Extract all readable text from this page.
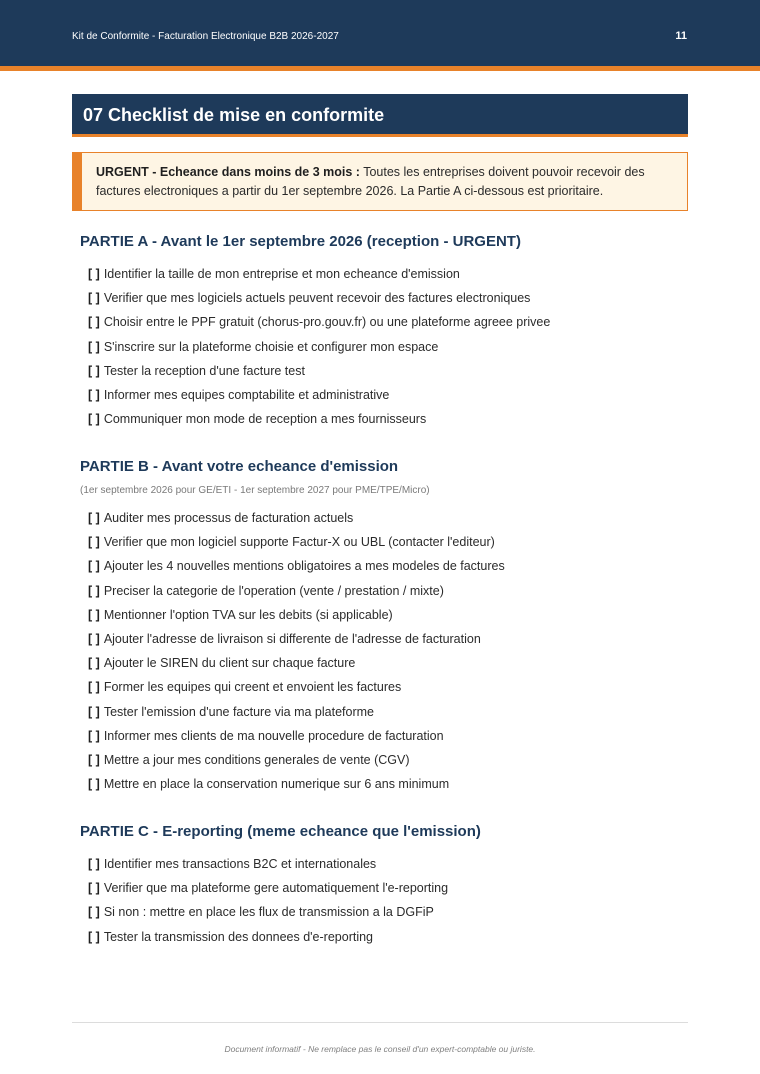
Kit de Conformite - Facturation Electronique B2B 2026-2027	11
07 Checklist de mise en conformite
URGENT - Echeance dans moins de 3 mois : Toutes les entreprises doivent pouvoir recevoir des factures electroniques a partir du 1er septembre 2026. La Partie A ci-dessous est prioritaire.
PARTIE A - Avant le 1er septembre 2026 (reception - URGENT)
[ ] Identifier la taille de mon entreprise et mon echeance d'emission
[ ] Verifier que mes logiciels actuels peuvent recevoir des factures electroniques
[ ] Choisir entre le PPF gratuit (chorus-pro.gouv.fr) ou une plateforme agreee privee
[ ] S'inscrire sur la plateforme choisie et configurer mon espace
[ ] Tester la reception d'une facture test
[ ] Informer mes equipes comptabilite et administrative
[ ] Communiquer mon mode de reception a mes fournisseurs
PARTIE B - Avant votre echeance d'emission
(1er septembre 2026 pour GE/ETI - 1er septembre 2027 pour PME/TPE/Micro)
[ ] Auditer mes processus de facturation actuels
[ ] Verifier que mon logiciel supporte Factur-X ou UBL (contacter l'editeur)
[ ] Ajouter les 4 nouvelles mentions obligatoires a mes modeles de factures
[ ] Preciser la categorie de l'operation (vente / prestation / mixte)
[ ] Mentionner l'option TVA sur les debits (si applicable)
[ ] Ajouter l'adresse de livraison si differente de l'adresse de facturation
[ ] Ajouter le SIREN du client sur chaque facture
[ ] Former les equipes qui creent et envoient les factures
[ ] Tester l'emission d'une facture via ma plateforme
[ ] Informer mes clients de ma nouvelle procedure de facturation
[ ] Mettre a jour mes conditions generales de vente (CGV)
[ ] Mettre en place la conservation numerique sur 6 ans minimum
PARTIE C - E-reporting (meme echeance que l'emission)
[ ] Identifier mes transactions B2C et internationales
[ ] Verifier que ma plateforme gere automatiquement l'e-reporting
[ ] Si non : mettre en place les flux de transmission a la DGFiP
[ ] Tester la transmission des donnees d'e-reporting
Document informatif - Ne remplace pas le conseil d'un expert-comptable ou juriste.
